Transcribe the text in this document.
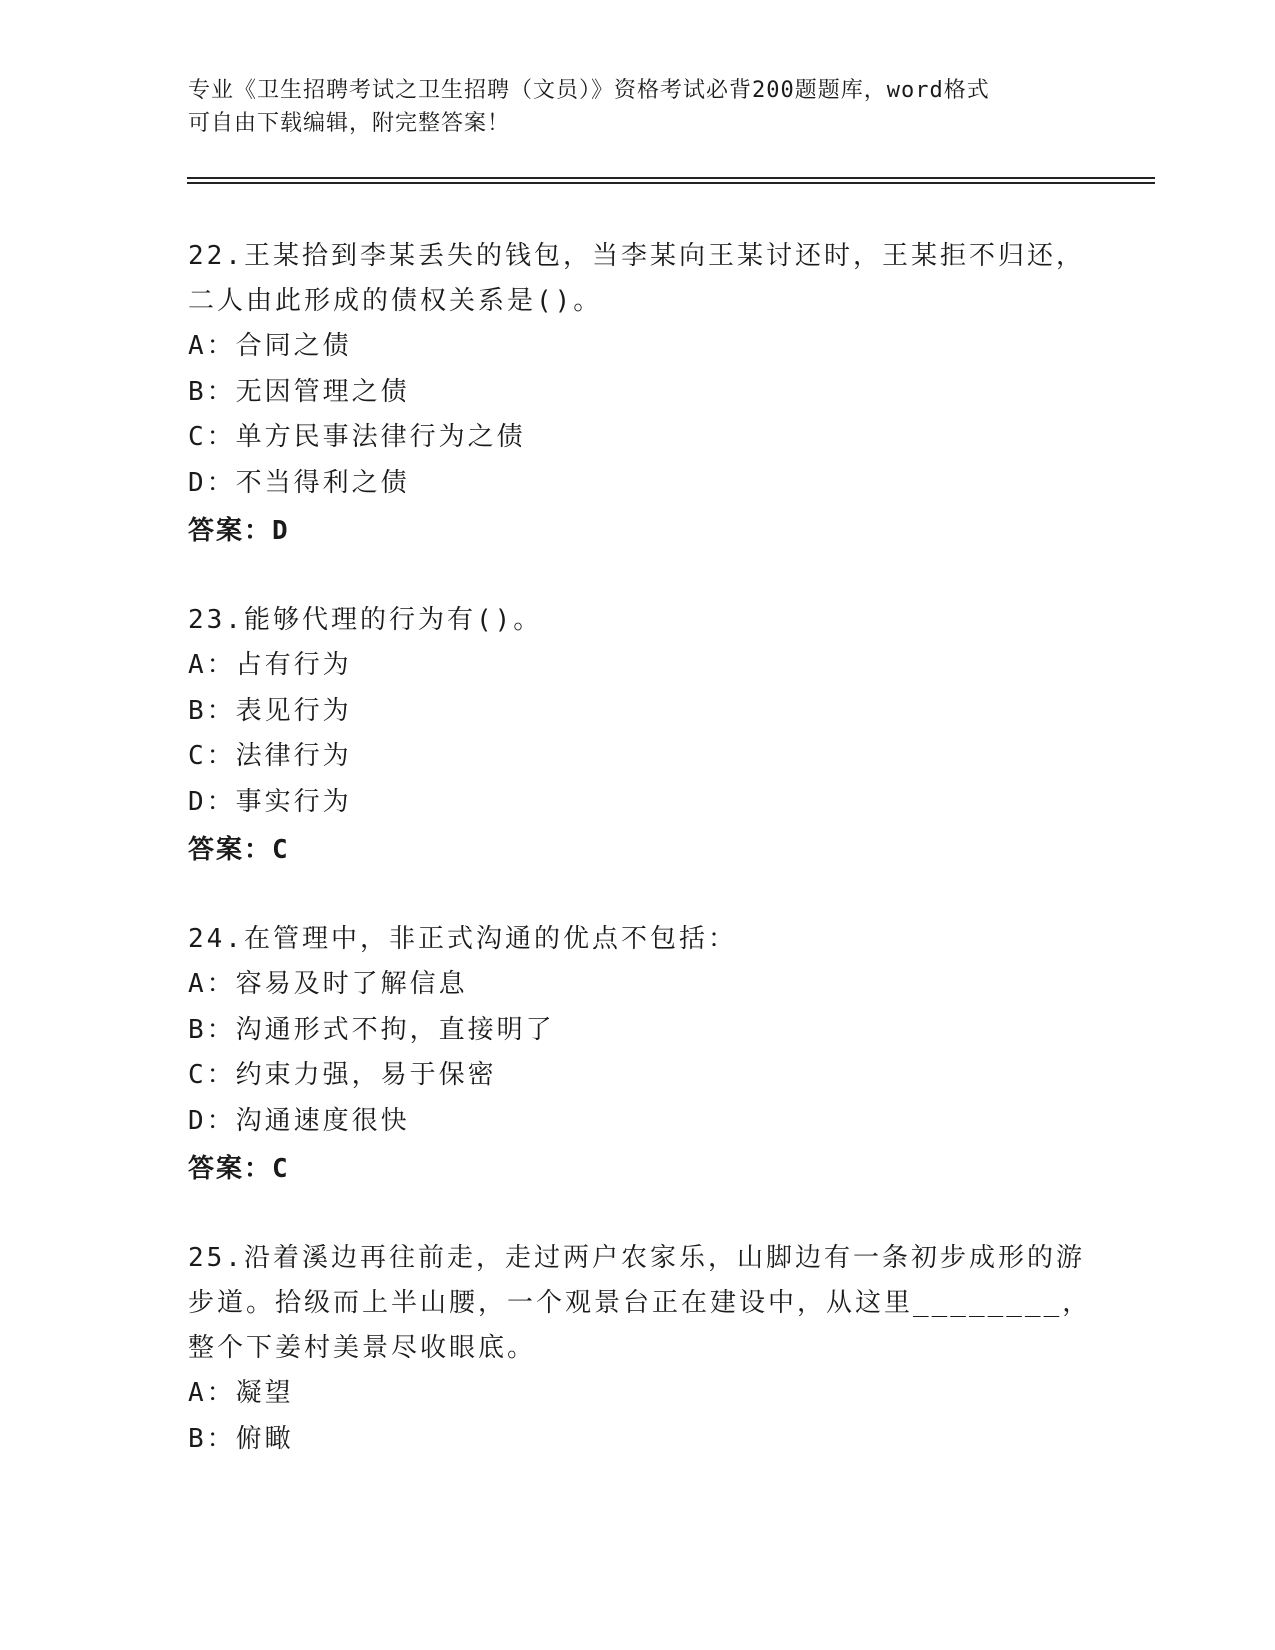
专业《卫生招聘考试之卫生招聘（文员）》资格考试必背200题题库，word格式
可自由下载编辑，附完整答案！
22.王某拾到李某丢失的钱包，当李某向王某讨还时，王某拒不归还，
二人由此形成的债权关系是()。
A：合同之债
B：无因管理之债
C：单方民事法律行为之债
D：不当得利之债
答案：D
23.能够代理的行为有()。
A：占有行为
B：表见行为
C：法律行为
D：事实行为
答案：C
24.在管理中，非正式沟通的优点不包括：
A：容易及时了解信息
B：沟通形式不拘，直接明了
C：约束力强，易于保密
D：沟通速度很快
答案：C
25.沿着溪边再往前走，走过两户农家乐，山脚边有一条初步成形的游
步道。拾级而上半山腰，一个观景台正在建设中，从这里________，
整个下姜村美景尽收眼底。
A：凝望
B：俯瞰
